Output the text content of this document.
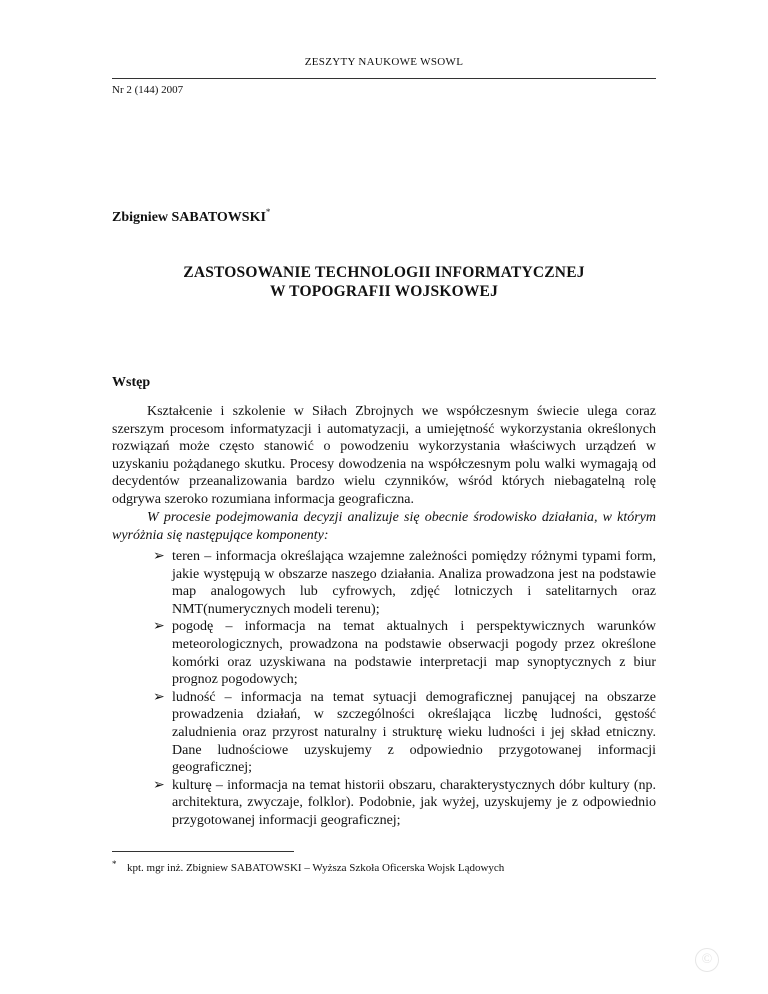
ZESZYTY NAUKOWE WSOWL
Nr 2 (144) 2007
Zbigniew SABATOWSKI*
ZASTOSOWANIE TECHNOLOGII INFORMATYCZNEJ
W TOPOGRAFII WOJSKOWEJ
Wstęp

Kształcenie i szkolenie w Siłach Zbrojnych we współczesnym świecie ulega coraz szerszym procesom informatyzacji i automatyzacji, a umiejętność wykorzystania określonych rozwiązań może często stanowić o powodzeniu wykorzystania właściwych urządzeń w uzyskaniu pożądanego skutku. Procesy dowodzenia na współczesnym polu walki wymagają od decydentów przeanalizowania bardzo wielu czynników, wśród których niebagatelną rolę odgrywa szeroko rozumiana informacja geograficzna.

W procesie podejmowania decyzji analizuje się obecnie środowisko działania, w którym wyróżnia się następujące komponenty:

➢ teren – informacja określająca wzajemne zależności pomiędzy różnymi typami form, jakie występują w obszarze naszego działania. Analiza prowadzona jest na podstawie map analogowych lub cyfrowych, zdjęć lotniczych i satelitarnych oraz NMT(numerycznych modeli terenu);
➢ pogodę – informacja na temat aktualnych i perspektywicznych warunków meteorologicznych, prowadzona na podstawie obserwacji pogody przez określone komórki oraz uzyskiwana na podstawie interpretacji map synoptycznych z biur prognoz pogodowych;
➢ ludność – informacja na temat sytuacji demograficznej panującej na obszarze prowadzenia działań, w szczególności określająca liczbę ludności, gęstość zaludnienia oraz przyrost naturalny i strukturę wieku ludności i jej skład etniczny. Dane ludnościowe uzyskujemy z odpowiednio przygotowanej informacji geograficznej;
➢ kulturę – informacja na temat historii obszaru, charakterystycznych dóbr kultury (np. architektura, zwyczaje, folklor). Podobnie, jak wyżej, uzyskujemy je z odpowiednio przygotowanej informacji geograficznej;
* kpt. mgr inż. Zbigniew SABATOWSKI – Wyższa Szkoła Oficerska Wojsk Lądowych
©
